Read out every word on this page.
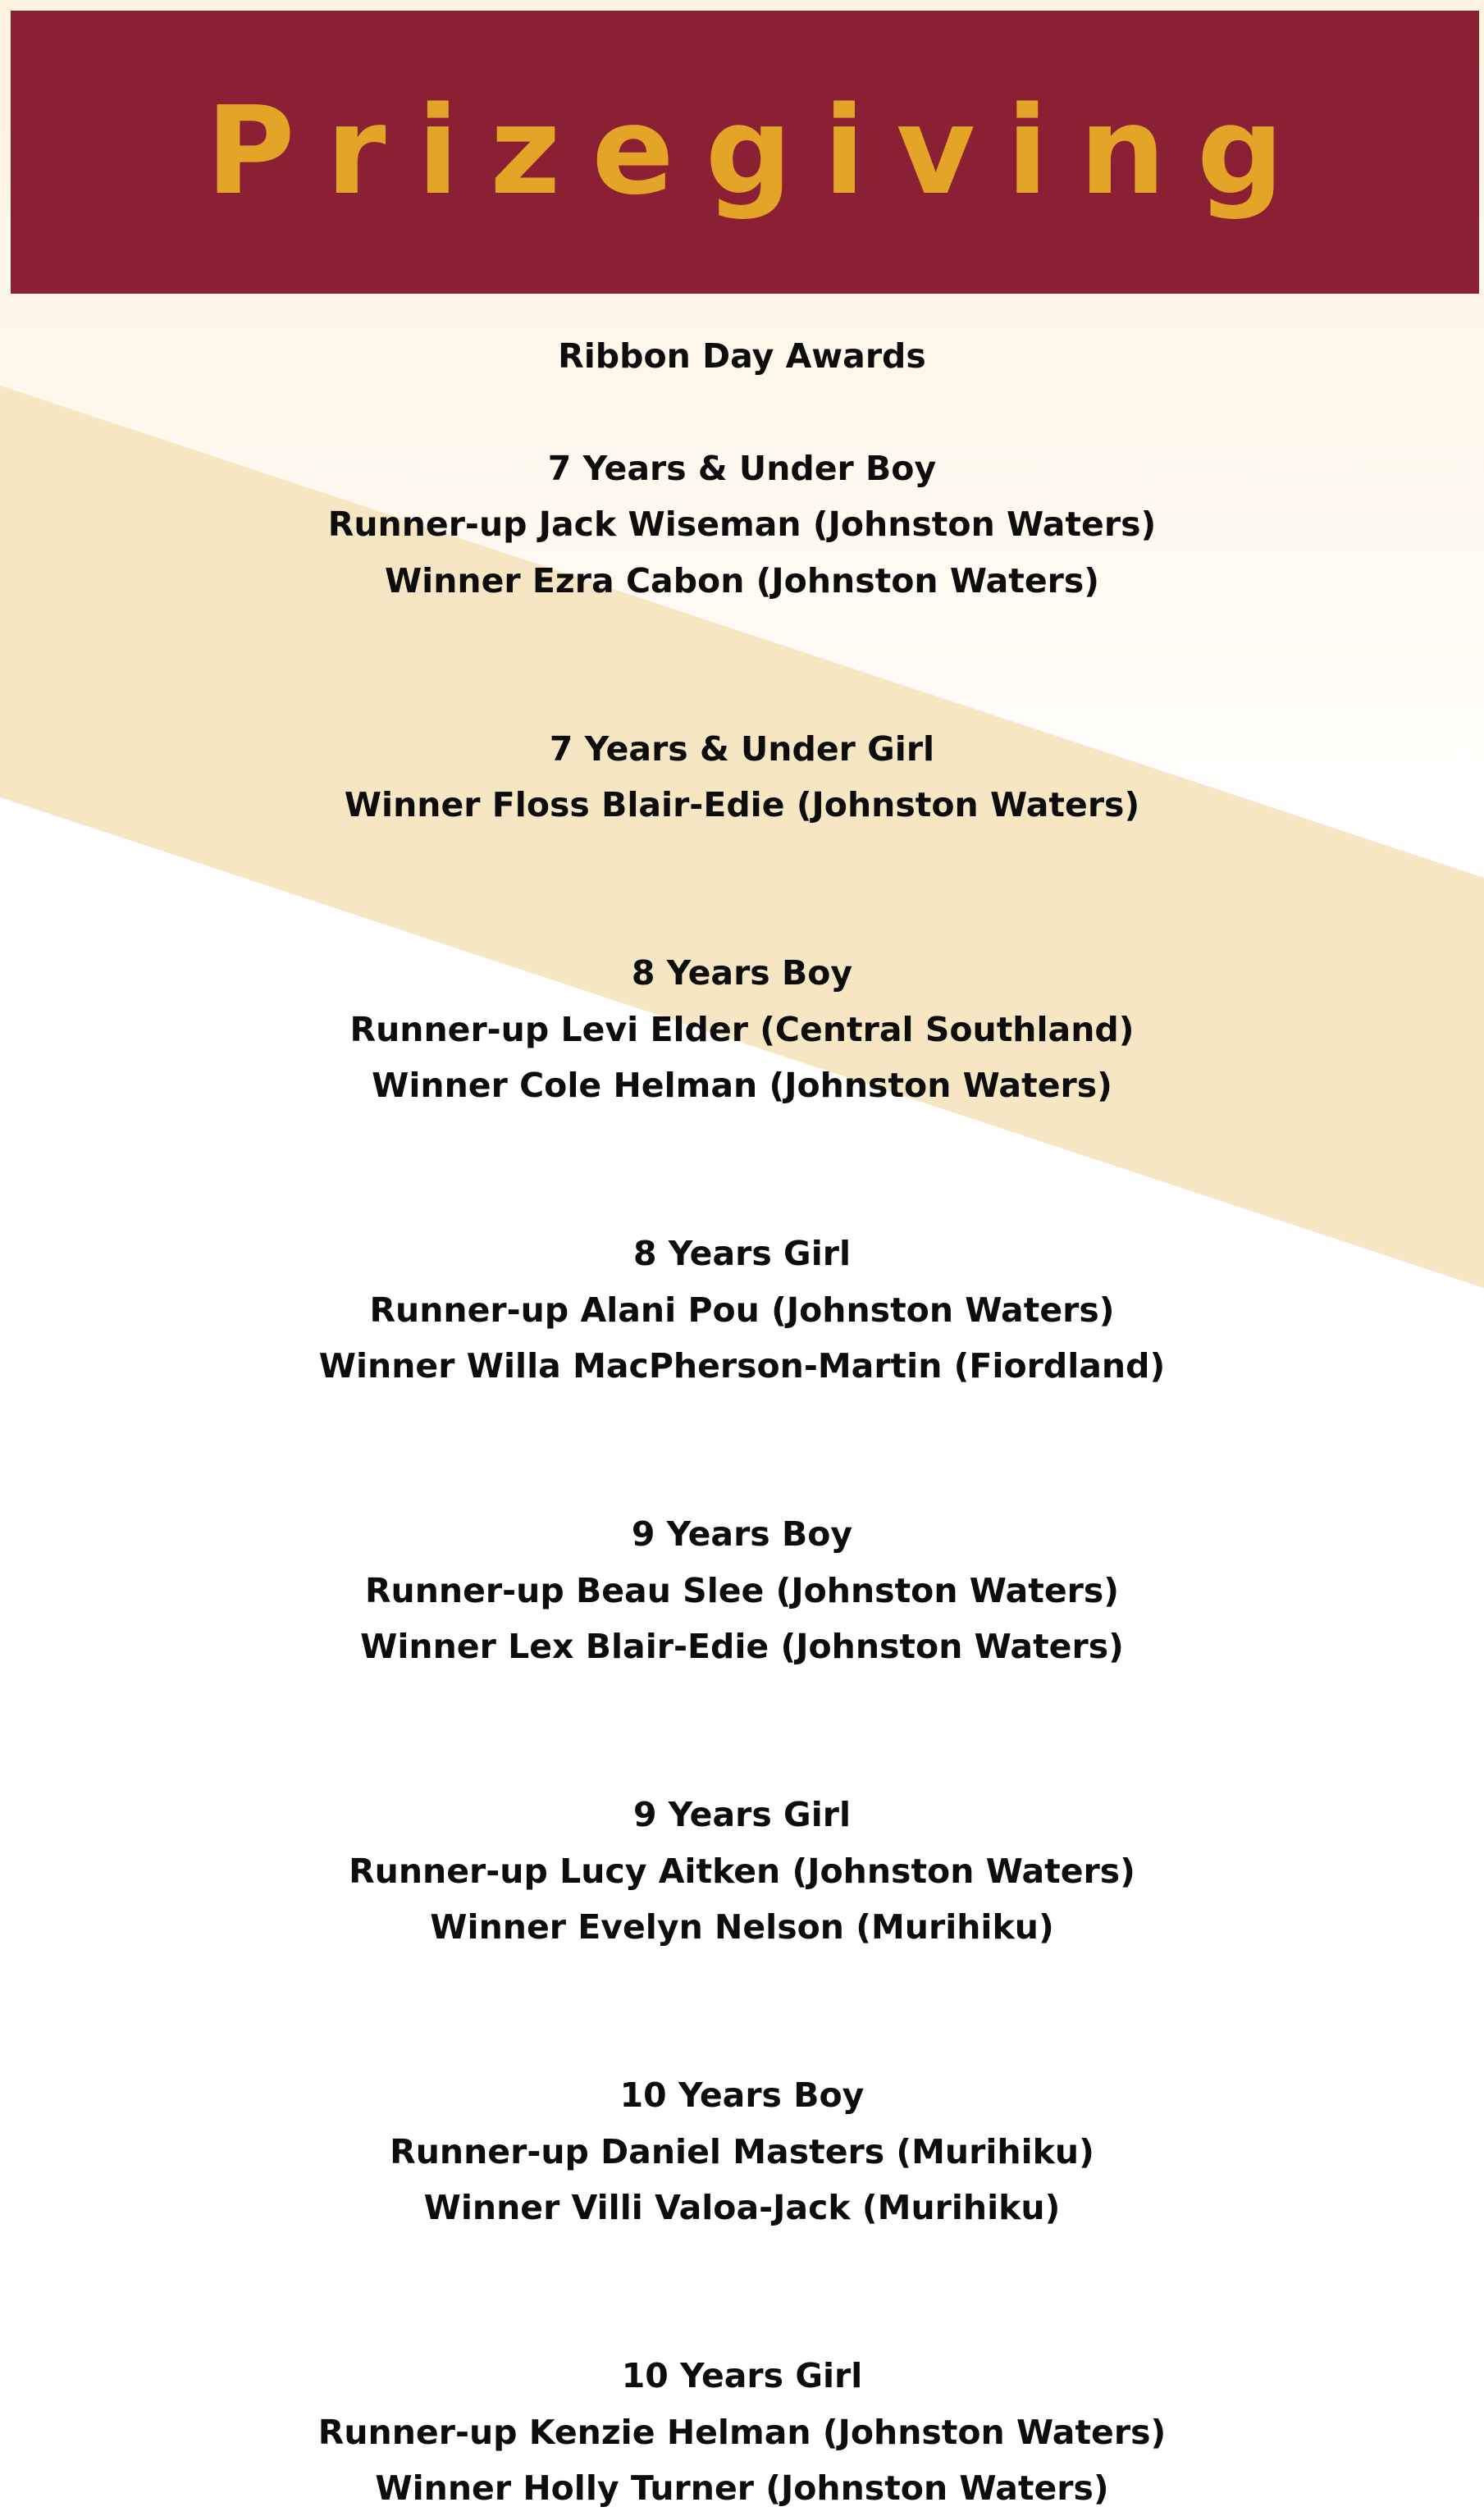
Prizegiving
Ribbon Day Awards
7 Years & Under Boy
Runner-up Jack Wiseman (Johnston Waters)
Winner Ezra Cabon (Johnston Waters)
7 Years & Under Girl
Winner Floss Blair-Edie (Johnston Waters)
8 Years Boy
Runner-up Levi Elder (Central Southland)
Winner Cole Helman (Johnston Waters)
8 Years Girl
Runner-up Alani Pou (Johnston Waters)
Winner Willa MacPherson-Martin (Fiordland)
9 Years Boy
Runner-up Beau Slee (Johnston Waters)
Winner Lex Blair-Edie (Johnston Waters)
9 Years Girl
Runner-up Lucy Aitken (Johnston Waters)
Winner Evelyn Nelson (Murihiku)
10 Years Boy
Runner-up Daniel Masters (Murihiku)
Winner Villi Valoa-Jack (Murihiku)
10 Years Girl
Runner-up Kenzie Helman (Johnston Waters)
Winner Holly Turner (Johnston Waters)
